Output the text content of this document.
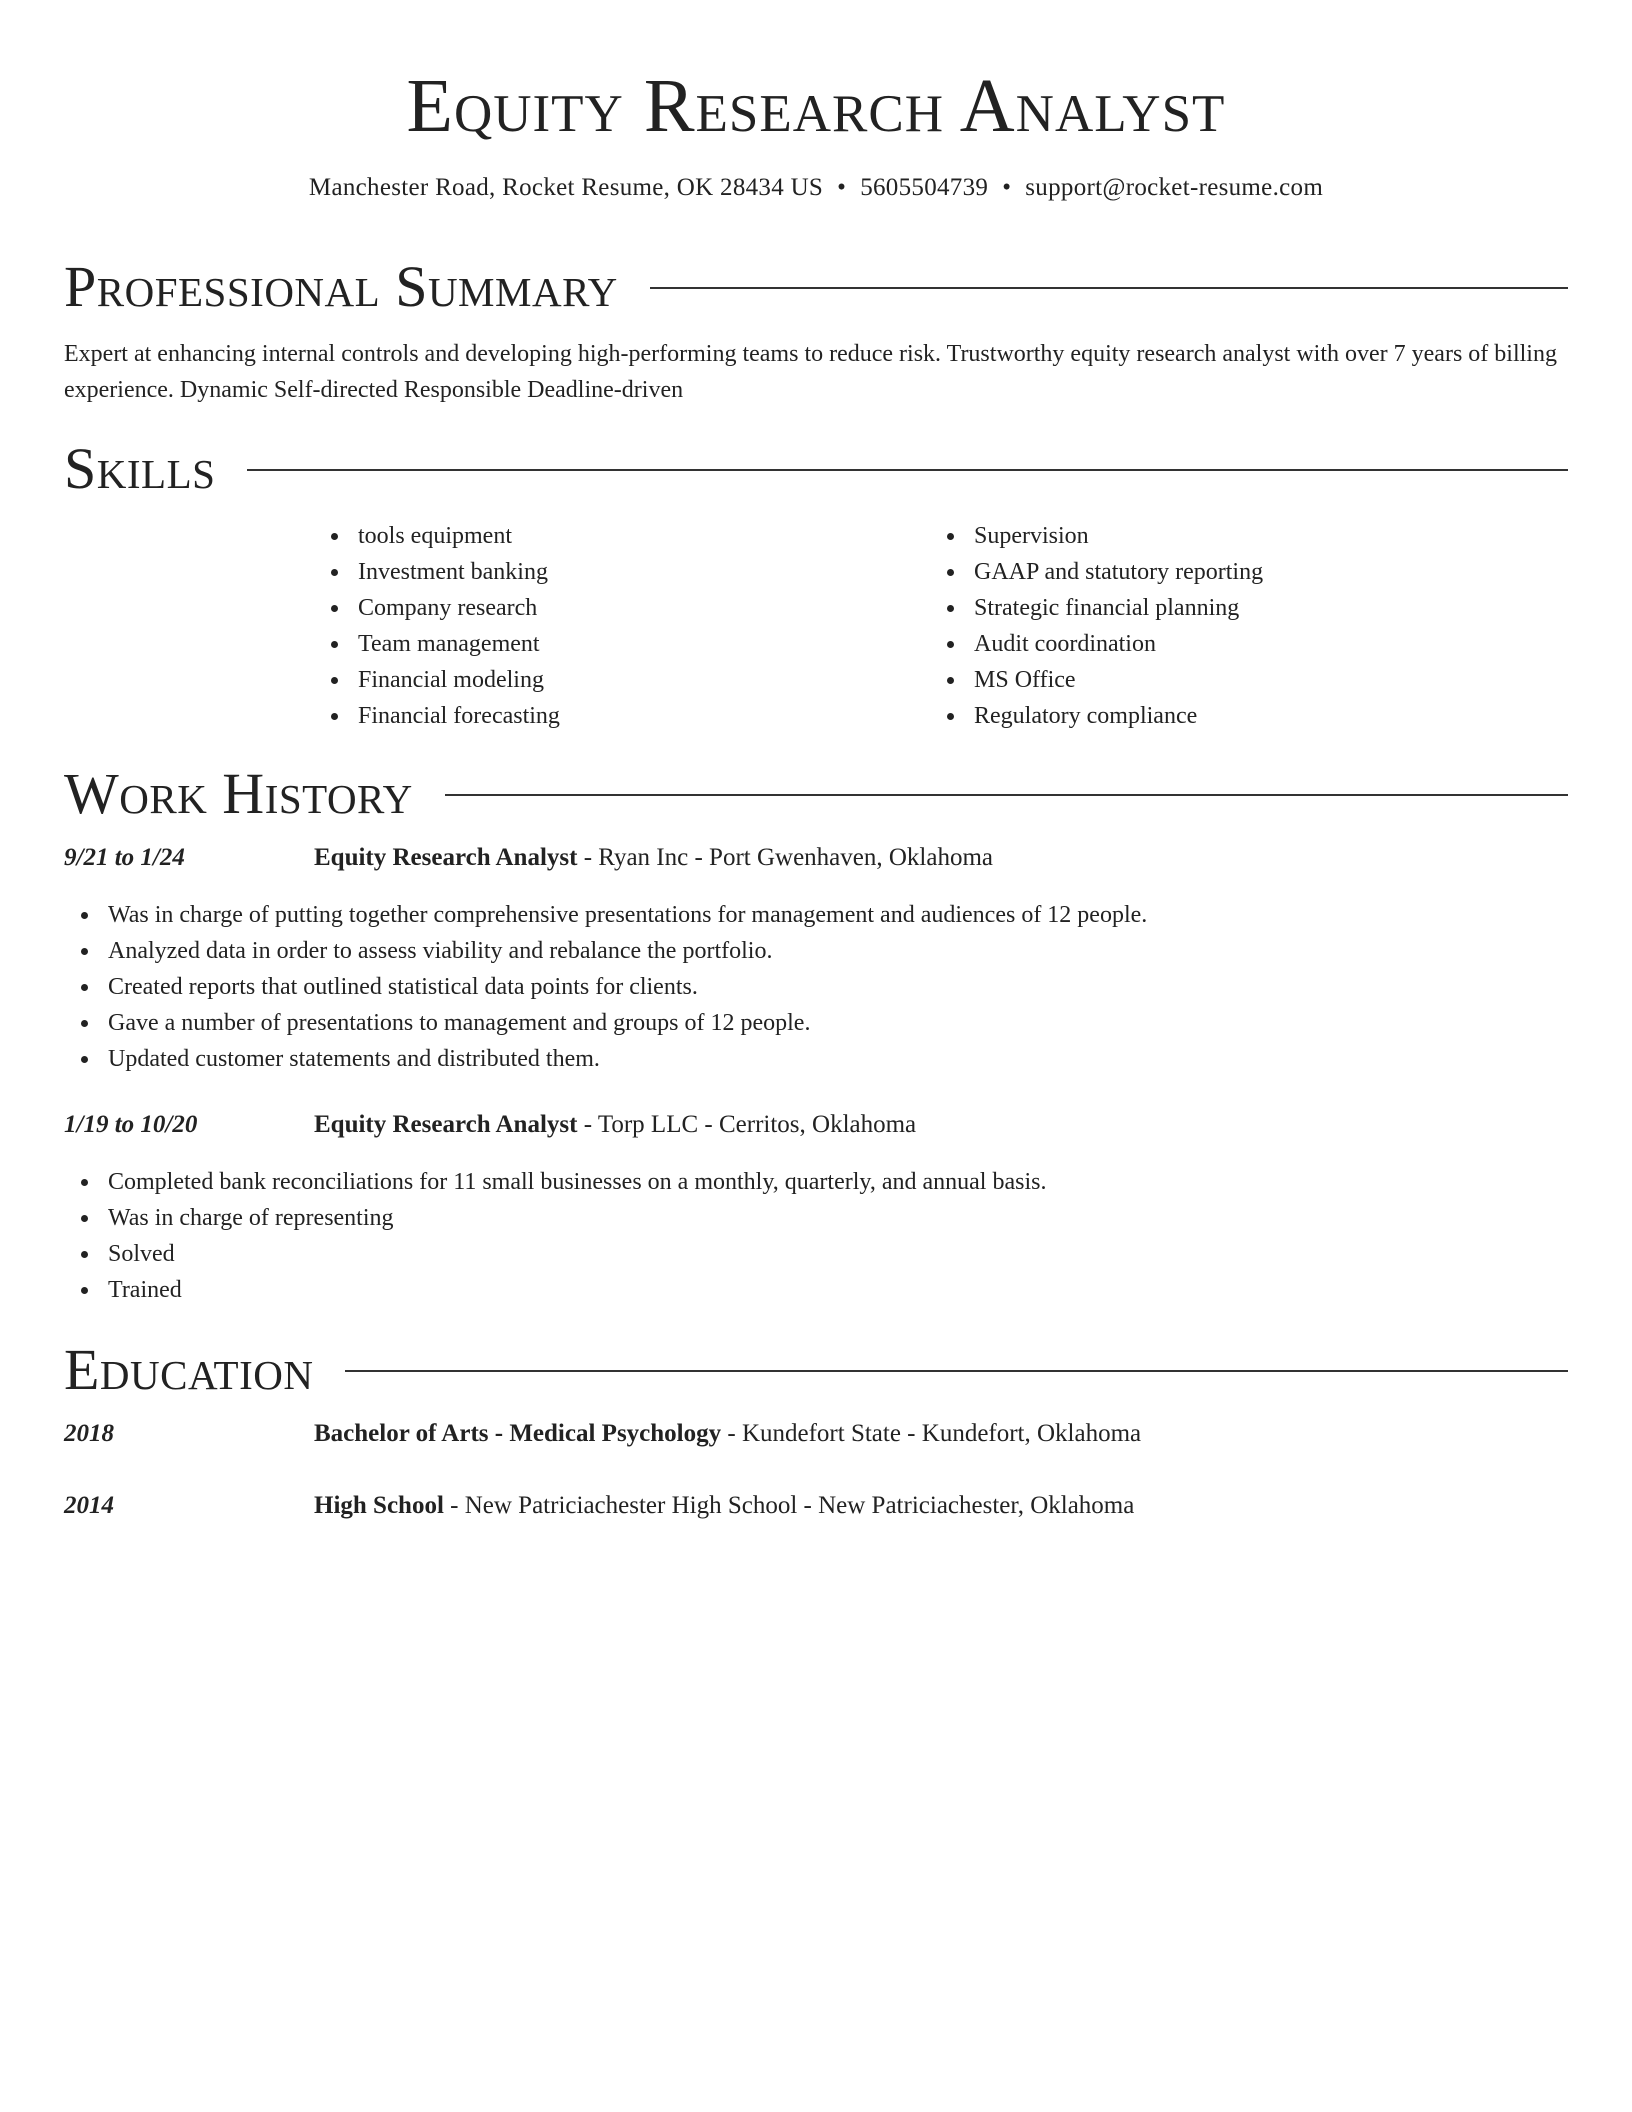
Equity Research Analyst
Manchester Road, Rocket Resume, OK 28434 US • 5605504739 • support@rocket-resume.com
Professional Summary

Expert at enhancing internal controls and developing high-performing teams to reduce risk. Trustworthy equity research analyst with over 7 years of billing experience. Dynamic Self-directed Responsible Deadline-driven

Skills
tools equipment
Investment banking
Company research
Team management
Financial modeling
Financial forecasting
Supervision
GAAP and statutory reporting
Strategic financial planning
Audit coordination
MS Office
Regulatory compliance
Work History
9/21 to 1/24	Equity Research Analyst - Ryan Inc - Port Gwenhaven, Oklahoma
Was in charge of putting together comprehensive presentations for management and audiences of 12 people.
Analyzed data in order to assess viability and rebalance the portfolio.
Created reports that outlined statistical data points for clients.
Gave a number of presentations to management and groups of 12 people.
Updated customer statements and distributed them.
1/19 to 10/20	Equity Research Analyst - Torp LLC - Cerritos, Oklahoma
Completed bank reconciliations for 11 small businesses on a monthly, quarterly, and annual basis.
Was in charge of representing
Solved
Trained
Education
2018	Bachelor of Arts - Medical Psychology - Kundefort State - Kundefort, Oklahoma
2014	High School - New Patriciachester High School - New Patriciachester, Oklahoma
